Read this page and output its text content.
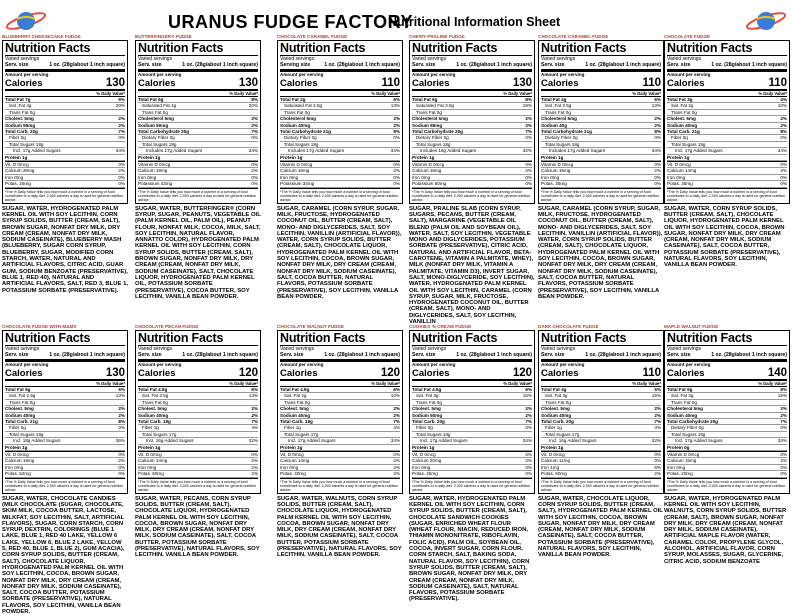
URANUS FUDGE FACTORY
Nutritional Information Sheet
BLUEBERRY CHEESECAKE FUDGE
Nutrition Facts
Varied servings
Serv. size	1 oz. (28g/about 1 inch square)
Amount per serving
Calories	130
% Daily Value*
Total Fat 7g	9%
Sat. Fat 4g	20%
Trans Fat 0g
Cholest. 5mg	2%
Sodium 55mg	2%
Total Carb. 20g	7%
Fiber 0g	0%
Total Sugars 18g
Incl. 17g Added Sugars	34%
Protein 1g
Vit. D 0mcg	0%
Calcium 26mg	2%
Iron 0mg	0%
Potas. 25mg	0%
*The % Daily Value tells you how much a nutrient in a serving of food contributes to a daily diet. 2,000 calories a day is used for general nutrition advice.
SUGAR, WATER, HYDROGENATED PALM KERNEL OIL WITH SOY LECITHIN, CORN SYRUP SOLIDS, BUTTER (CREAM, SALT), BROWN SUGAR, NONFAT DRY MILK, DRY CREAM (CREAM, NONFAT DRY MILK, SODIUM CASEINATE), BLUEBERRY MASH (BLUEBERRY, SUGAR CORN SYRUP, BLUEBERRY, SUGAR, MODIFIED CORN STARCH, WATER, NATURAL AND ARTIFICIAL FLAVORS, CITRIC ACID, GUAR GUM, SODIUM BENZOATE (PRESERVATIVE), BLUE 1, RED 40), NATURAL AND ARTIFICIAL FLAVORS, SALT, RED 3, BLUE 1, POTASSIUM SORBATE (PRESERVATIVE).
BUTTERFINGER® FUDGE
Nutrition Facts
Varied servings
Serv. size	1 oz. (28g/about 1 inch square)
Amount per serving
Calories	130
% Daily Value*
Total Fat 6g	8%
Saturated Fat 4g	20%
Trans Fat 0g
Cholesterol 5mg	2%
Sodium 50mg	2%
Total Carbohydrate 20g	7%
Dietary Fiber 0g	0%
Total Sugars 18g
Includes 17g Added Sugars	34%
Protein 1g
Vitamin D 0mcg	0%
Calcium 19mg	2%
Iron 0mg	0%
Potassium 43mg	0%
*The % Daily Value tells you how much a nutrient in a serving of food contributes to a daily diet. 2,000 calories a day is used for general nutrition advice.
SUGAR, WATER, BUTTERFINGER® (CORN SYRUP, SUGAR, PEANUTS, VEGETABLE OIL (PALM KERNEL OIL, PALM OIL), PEANUT FLOUR, NONFAT MILK, COCOA, MILK, SALT, SOY LECITHIN, NATURAL FLAVOR, ANNATTO COLOR), HYDROGENATED PALM KERNEL OIL WITH SOY LECITHIN, CORN SYRUP SOLIDS, BUTTER (CREAM, SALT), BROWN SUGAR, NONFAT DRY MILK, DRY CREAM (CREAM, NONFAT DRY MILK, SODIUM CASEINATE), SALT, CHOCOLATE LIQUOR, HYDROGENATED PALM KERNEL OIL, POTASSIUM SORBATE (PRESERVATIVE), COCOA BUTTER, SOY LECITHIN, VANILLA BEAN POWDER.
CHOCOLATE CARAMEL FUDGE
Nutrition Facts
Varied servings
Serving size	1 oz. (28g/about 1 inch square)
Amount per serving
Calories	110
% Daily Value*
Total Fat 2g	6%
Saturated Fat 2.5g	13%
Trans Fat 0g
Cholesterol 5mg	2%
Sodium 40mg	2%
Total Carbohydrate 21g	8%
Dietary Fiber 0g	0%
Total Sugars 18g
Includes 17g Added Sugars	34%
Protein 1g
Vitamin D 0mcg	0%
Calcium 16mg	2%
Iron 0mg	0%
Potassium 34mg	0%
*The % Daily Value tells you how much a nutrient in a serving of food contributes to a daily diet. 2,000 calories a day is used for general nutrition advice.
SUGAR, CARAMEL (CORN SYRUP, SUGAR, MILK, FRUCTOSE, HYDROGENATED COCONUT OIL, BUTTER (CREAM, SALT), MONO- AND DIGLYCERIDES, SALT, SOY LECITHIN, VANILLIN (ARTIFICIAL FLAVOR)), WATER, CORN SYRUP SOLIDS, BUTTER (CREAM, SALT), CHOCOLATE LIQUOR, HYDROGENATED PALM KERNEL OIL WITH SOY LECITHIN, COCOA, BROWN SUGAR, NONFAT DRY MILK, DRY CREAM (CREAM, NONFAT DRY MILK, SODIUM CASEINATE), SALT, COCOA BUTTER, NATURAL FLAVORS, POTASSIUM SORBATE (PRESERVATIVE), SOY LECITHIN, VANILLA BEAN POWDER.
CHEWY PRALINE FUDGE
Nutrition Facts
Varied servings
Serv. size	1 oz. (28g/about 1 inch square)
Amount per serving
Calories	130
% Daily Value*
Total Fat 6g	8%
Saturated Fat 3.5g	18%
Trans Fat 0g
Cholesterol 5mg	2%
Sodium 55mg	2%
Total Carbohydrate 20g	7%
Dietary Fiber 0g	0%
Total Sugars 18g
Includes 16g Added Sugars	32%
Protein 1g
Vitamin D 0mcg	0%
Calcium 16mg	2%
Iron 0mg	0%
Potassium 50mg	0%
*The % Daily Value tells you how much a nutrient in a serving of food contributes to a daily diet. 2,000 calories a day is used for general nutrition advice.
SUGAR, PRALINE SLAB (CORN SYRUP, SUGARS, PECANS, BUTTER (CREAM, SALT), MARGARINE (VEGETABLE OIL BLEND (PALM OIL AND SOYBEAN OIL), WATER, SALT, SOY LECITHIN, VEGETABLE MONO AND DIGLYCERIDES, POTASSIUM SORBATE (PRESERVATIVE), CITRIC ACID, NATURAL AND ARTIFICIAL FLAVOR, BETA-CAROTENE, VITAMIN A PALMITATE, WHEY), MILK (NONFAT DRY MILK, VITAMIN A PALMITATE, VITAMIN D3), INVERT SUGAR, SALT, MONO-DIGLYCERIDE, SOY LECITHIN), WATER, HYDROGENATED PALM KERNEL OIL WITH SOY LECITHIN, CARAMEL (CORN SYRUP, SUGAR, MILK, FRUCTOSE, HYDROGENATED COCONUT OIL, BUTTER (CREAM, SALT), MONO- AND DIGLYCERIDES, SALT, SOY LECITHIN, VANILLIN
CHOCOLATE CARAMEL FUDGE
Nutrition Facts
Varied servings
Serv. size	1 oz. (28g/about 1 inch square)
Amount per serving
Calories	110
% Daily Value*
Total Fat 4g	6%
Sat. Fat 2.5g	13%
Trans Fat 0g
Cholesterol 5mg	2%
Sodium 40g	2%
Total Carbohydrate 21g	8%
Dietary Fiber 0g	0%
Total Sugars 18g
Includes 17g Added Sugars	34%
Protein 1g
Vitamin D 0mcg	0%
Calcium 15mg	2%
Iron 0mg	0%
Potas. 35mg	0%
*The % Daily Value tells you how much a nutrient in a serving of food contributes to a daily diet. 2,000 calories a day is used for general nutrition advice.
SUGAR, CARAMEL (CORN SYRUP, SUGAR, MILK, FRUCTOSE, HYDROGENATED COCONUT OIL, BUTTER (CREAM, SALT), MONO- AND DIGLYCERIDES, SALT, SOY LECITHIN, VANILLIN (ARTIFICIAL FLAVOR)), WATER, CORN SYRUP SOLIDS, BUTTER (CREAM, SALT), CHOCOLATE LIQUOR, HYDROGENATED PALM KERNEL OIL WITH SOY LECITHIN, COCOA, BROWN SUGAR, NONFAT DRY MILK, DRY CREAM (CREAM, NONFAT DRY MILK, SODIUM CASEINATE), SALT, COCOA BUTTER, NATURAL FLAVORS, POTASSIUM SORBATE (PRESERVATIVE), SOY LECITHIN, VANILLA BEAN POWDER.
CHOCOLATE FUDGE
Nutrition Facts
Varied servings
Serv. size	1 oz. (28g/about 1 inch square)
Amount per serving
Calories	110
% Daily Value*
Total Fat 3g	4%
Sat. Fat 2g	10%
Trans Fat 0g
Cholest. 5mg	2%
Sodium 40mg	2%
Total Carb. 21g	8%
Fiber 0g	0%
Total Sugars 18g
Incl. 17g Added Sugars	34%
Protein 1g
Vit. D 0mcg	0%
Calcium 14mg	2%
Iron 0mg	0%
Potas. 35mg	0%
*The % Daily Value tells you how much a nutrient in a serving of food contributes to a daily diet. 2,000 calories a day is used for general nutrition advice.
SUGAR, WATER, CORN SYRUP SOLIDS, BUTTER (CREAM, SALT), CHOCOLATE LIQUOR, HYDROGENATED PALM KERNEL OIL WITH SOY LECITHIN, COCOA, BROWN SUGAR, NONFAT DRY MILK, DRY CREAM (CREAM, NONFAT DRY MILK, SODIUM CASEINATE), SALT, COCOA BUTTER, POTASSIUM SORBATE (PRESERVATIVE), NATURAL FLAVORS, SOY LECITHIN, VANILLA BEAN POWDER.
CHOCOLATE FUDGE WITH M&MS
Nutrition Facts
Varied servings
Serv. size	1 oz. (28g/about 1 inch square)
Amount per serving
Calories	130
% Daily Value*
Total Fat 5g	6%
Sat. Fat 2.5g	13%
Trans Fat 0g
Cholest. 5mg	2%
Sodium 40mg	2%
Total Carb. 21g	8%
Fiber 0g	0%
Total Sugars 19g
Incl. 18g Added Sugars	36%
Protein 1g
Vit. D 0mcg	0%
Calcium 19mg	2%
Iron 0mg	0%
Potas. 52mg	0%
*The % Daily Value tells you how much a nutrient in a serving of food contributes to a daily diet. 2,000 calories a day is used for general nutrition advice.
SUGAR, WATER, CHOCOLATE CANDIES (MILK CHOCOLATE (SUGAR, CHOCOLATE, SKIM MILK, COCOA BUTTER, LACTOSE, MILKFAT, SOY LECITHIN, SALT, ARTIFICIAL FLAVORS), SUGAR, CORN STARCH, CORN SYRUP, DEXTRIN, COLORINGS (BLUE 1 LAKE, BLUE 1, RED 40 LAKE, YELLOW 6 LAKE, YELLOW 6, BLUE 2 LAKE, YELLOW 5, RED 40, BLUE 1, BLUE 2), GUM ACACIA), CORN SYRUP SOLIDS, BUTTER (CREAM, SALT), CHOCOLATE LIQUOR, HYDROGENATED PALM KERNEL OIL WITH SOY LECITHIN, COCOA, BROWN SUGAR, NONFAT DRY MILK, DRY CREAM (CREAM, NONFAT DRY MILK, SODIUM CASEINATE), SALT, COCOA BUTTER, POTASSIUM SORBATE (PRESERVATIVE), NATURAL FLAVORS, SOY LECITHIN, VANILLA BEAN POWDER.
CHOCOLATE PECAN FUDGE
Nutrition Facts
Varied servings
Serv. size	1 oz. (28g/about 1 inch square)
Amount per serving
Calories	120
% Daily Value*
Total Fat 4.5g	6%
Sat. Fat 2.5g	13%
Trans Fat 0g
Cholest. 5mg	2%
Sodium 40mg	2%
Total Carb. 19g	7%
Fiber 1g	4%
Total Sugars 17g
Incl. 16g Added Sugars	32%
Protein 1g
Vit. D 0mcg	0%
Calcium 14mg	2%
Iron 0mg	2%
Potas. 60mg	2%
*The % Daily Value tells you how much a nutrient in a serving of food contributes to a daily diet. 2,000 calories a day is used for general nutrition advice.
SUGAR, WATER, PECANS, CORN SYRUP SOLIDS, BUTTER (CREAM, SALT), CHOCOLATE LIQUOR, HYDROGENATED PALM KERNEL OIL WITH SOY LECITHIN, COCOA, BROWN SUGAR, NONFAT DRY MILK, DRY CREAM (CREAM, NONFAT DRY MILK, SODIUM CASEINATE), SALT, COCOA BUTTER, POTASSIUM SORBATE (PRESERVATIVE), NATURAL FLAVORS, SOY LECITHIN, VANILLA BEAN POWDER.
CHOCOLATE WALNUT FUDGE
Nutrition Facts
Varied servings
Serv. size	1 oz. (28g/about 1 inch square)
Amount per serving
Calories	120
% Daily Value*
Total Fat 4.5g	6%
Sat. Fat 2g	10%
Trans Fat 0g
Cholest. 5mg	2%
Sodium 40mg	2%
Total Carb. 19g	7%
Fiber 1g	4%
Total Sugars 17g
Incl. 17g Added Sugars	34%
Protein 1g
Vit. D 0mcg	0%
Calcium 14mg	2%
Iron 0mg	2%
Potas. 40mg	2%
*The % Daily Value tells you how much a nutrient in a serving of food contributes to a daily diet. 2,000 calories a day is used for general nutrition advice.
SUGAR, WATER, WALNUTS, CORN SYRUP SOLIDS, BUTTER (CREAM, SALT), CHOCOLATE LIQUOR, HYDROGENATED PALM KERNEL OIL WITH SOY LECITHIN, COCOA, BROWN SUGAR, NONFAT DRY MILK, DRY CREAM (CREAM, NONFAT DRY MILK, SODIUM CASEINATE), SALT, COCOA BUTTER, POTASSIUM SORBATE (PRESERVATIVE), NATURAL FLAVORS, SOY LECITHIN, VANILLA BEAN POWDER.
COOKIES 'N CREAM FUDGE
Nutrition Facts
Varied servings
Serv. size	1 oz. (28g/about 1 inch square)
Amount per serving
Calories	120
% Daily Value*
Total Fat 4.5g	6%
Sat. Fat 3g	15%
Trans Fat 0g
Cholest. 5mg	2%
Sodium 50mg	2%
Total Carb. 20g	7%
Fiber 0g	0%
Total Sugars 18g
Incl. 17g Added Sugars	34%
Protein 1g
Vit. D 0mcg	0%
Calcium 20mg	2%
Iron 0mg	0%
Potas. 25mg	0%
*The % Daily Value tells you how much a nutrient in a serving of food contributes to a daily diet. 2,000 calories a day is used for general nutrition advice.
SUGAR, WATER, HYDROGENATED PALM KERNEL OIL WITH SOY LECITHIN, CORN SYRUP SOLIDS, BUTTER (CREAM, SALT), CHOCOLATE SANDWICH COOKIES (SUGAR, ENRICHED WHEAT FLOUR (WHEAT FLOUR, NIACIN, REDUCED IRON, THIAMIN MONONITRATE, RIBOFLAVIN, FOLIC ACID), PALM OIL, SOYBEAN OIL, COCOA, INVERT SUGAR, CORN FLOUR, CORN STARCH, SALT, BAKING SODA, NATURAL FLAVOR, SOY LECITHIN), CORN SYRUP SOLIDS, BUTTER (CREAM, SALT), BROWN SUGAR, NONFAT DRY MILK, DRY CREAM (CREAM, NONFAT DRY MILK, SODIUM CASEINATE), SALT, NATURAL FLAVORS, POTASSIUM SORBATE (PRESERVATIVE).
DARK CHOCOLATE FUDGE
Nutrition Facts
Varied servings
Serv. size	1 oz. (28g/about 1 inch square)
Amount per serving
Calories	110
% Daily Value*
Total Fat 4g	5%
Sat. Fat 3g	15%
Trans Fat 0g
Cholest. 5mg	2%
Sodium 40mg	2%
Total Carb. 20g	7%
Fiber 1g	4%
Total Sugars 17g
Incl. 16g Added Sugars	32%
Protein 1g
Vit. D 0mcg	0%
Calcium 11mg	0%
Iron 1mg	6%
Potas. 60mg	2%
*The % Daily Value tells you how much a nutrient in a serving of food contributes to a daily diet. 2,000 calories a day is used for general nutrition advice.
SUGAR, WATER, CHOCOLATE LIQUOR, CORN SYRUP SOLIDS, BUTTER (CREAM, SALT), HYDROGENATED PALM KERNEL OIL WITH SOY LECITHIN, COCOA, BROWN SUGAR, NONFAT DRY MILK, DRY CREAM (CREAM, NONFAT DRY MILK, SODIUM CASEINATE), SALT, COCOA BUTTER, POTASSIUM SORBATE (PRESERVATIVE), NATURAL FLAVORS, SOY LECITHIN, VANILLA BEAN POWDER.
MAPLE WALNUT FUDGE
Nutrition Facts
Varied servings
Serv. size	1 oz. (28g/about 1 inch square)
Amount per serving
Calories	140
% Daily Value*
Total Fat 6g	8%
Sat. Fat 3g	15%
Trans Fat 0g
Cholesterol 5mg	2%
Sodium 40mg	2%
Total Carbohydrate 20g	7%
Dietary Fiber 0g	0%
Total Sugars 18g
Incl. 17g Added Sugars	34%
Protein 0g
Vitamin D 0mcg	0%
Calcium 15mg	2%
Iron 0mg	0%
Potas. 20mg	0%
*The % Daily Value tells you how much a nutrient in a serving of food contributes to a daily diet. 2,000 calories a day is used for general nutrition advice.
SUGAR, WATER, HYDROGENATED PALM KERNEL OIL WITH SOY LECITHIN, WALNUTS, CORN SYRUP SOLIDS, BUTTER (CREAM, SALT), BROWN SUGAR, NONFAT DRY MILK, DRY CREAM (CREAM, NONFAT DRY MILK, SODIUM CASEINATE), ARTIFICIAL MAPLE FLAVOR (WATER, CARAMEL COLOR, PROPYLENE GLYCOL, ALCOHOL, ARTIFICIAL FLAVOR, CORN SYRUP, MOLASSES, SUGAR, GLYCERINE, CITRIC ACID, SODIUM BENZOATE
